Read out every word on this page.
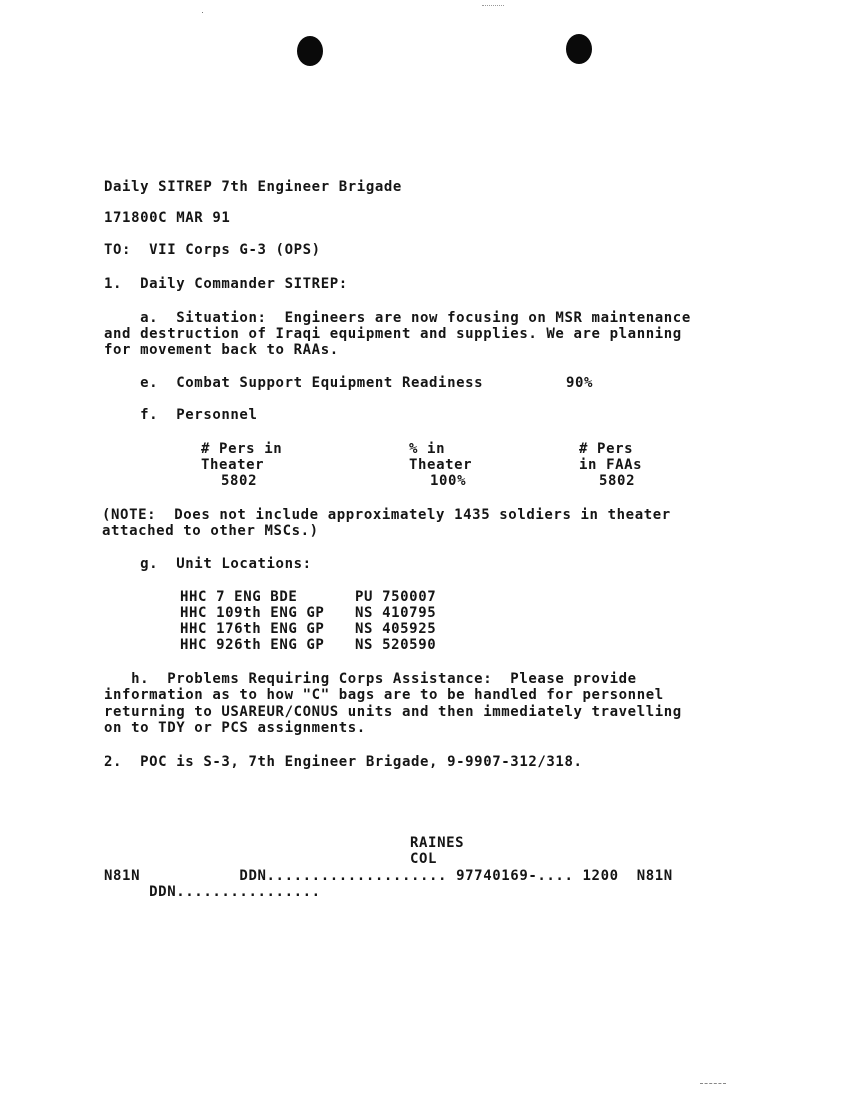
Daily SITREP 7th Engineer Brigade
171800C MAR 91
TO:  VII Corps G-3 (OPS)
1.  Daily Commander SITREP:
a.  Situation:  Engineers are now focusing on MSR maintenance
and destruction of Iraqi equipment and supplies. We are planning
for movement back to RAAs.
e.  Combat Support Equipment Readiness	90%
f.  Personnel
# Pers in
Theater
5802
% in
Theater
100%
# Pers
in FAAs
5802
(NOTE:  Does not include approximately 1435 soldiers in theater
attached to other MSCs.)
g.  Unit Locations:
HHC 7 ENG BDE	PU 750007
HHC 109th ENG GP NS 410795
HHC 176th ENG GP NS 405925
HHC 926th ENG GP NS 520590
h.  Problems Requiring Corps Assistance:  Please provide
information as to how "C" bags are to be handled for personnel
returning to USAREUR/CONUS units and then immediately travelling
on to TDY or PCS assignments.
2.  POC is S-3, 7th Engineer Brigade, 9-9907-312/318.
RAINES
COL
N81N           DDN.................... 97740169-.... 1200  N81N
DDN................
